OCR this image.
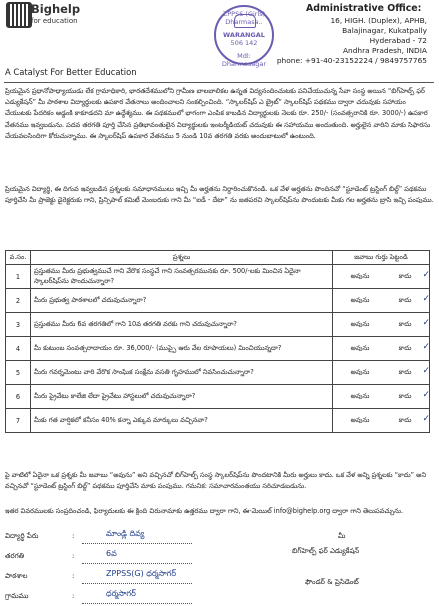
Bighelp
for education
A Catalyst For Better Education
ZPPSS (Girls) Dharmasa..
WARANGAL
506 142
Mdl: Dharmasagar
Administrative Office:
16, HIGH. (Duplex), APHB,
Balajinagar, Kukatpally
Hyderabad - 72
Andhra Pradesh, INDIA
phone: +91-40-23152224 / 9849757765
ప్రియమైన ప్రధానోపాధ్యాయుడు లేక గ్రామాధికారి, భారతదేశములోని గ్రామీణ బాలబాలికల ఉన్నత విద్యనందించుటకు పనిచేయుచున్న సేవా సంస్థ అయిన “బిగ్‌హెల్ప్ ఫర్ ఎడ్యుకేషన్” మీ పాఠశాల విద్యార్థులకు ఉపకార వేతనాలు అందించాలని సంకల్పించింది. “స్కాలర్‌షిప్ ఎ బ్రైట్” స్కాలర్‌షిప్ పథకము ద్వారా చదువుకు సహాయం చేయుటకు పేదరికం అడ్డంకి కాకూడదని మా ఉద్దేశ్యము. ఈ పథకములో భాగంగా ఎంపిక కాబడిన విద్యార్థులకు నెలకు రూ. 250/- (సంవత్సరానికి రూ. 3000/-) ఉపకార వేతనము ఇవ్వబడును. పదవ తరగతి పూర్తి చేసిన ప్రతిభావంతులైన విద్యార్థులకు ఇంటర్మీడియట్ చదువుకు ఈ సహాయము అందుతుంది. అర్హులైన వారిని మాకు సిఫారసు చేయవలసిందిగా కోరుచున్నాము. ఈ స్కాలర్‌షిప్ ఉపకార వేతనము 5 నుండి 10వ తరగతి వరకు అందుబాటులో ఉంటుంది.
ప్రియమైన విద్యార్థి, ఈ దిగువ ఇవ్వబడిన ప్రశ్నలకు సమాధానములు ఇచ్చి మీ అర్హతను నిర్ధారించుకొనండి. ఒక వేళ అర్హతను పొందినచో “స్టూడెంట్ ట్రస్టింగ్ బిల్డ్” పథకము పూర్తిచేసి మీ ప్రాజెక్టు డైరెక్టరుకు గాని, ప్రిన్సిపాల్ కమిటీ మెంబరుకు గాని మీ “ఐడీ - దేటా” ను జతపరచి స్కాలర్‌షిప్‌ను పొందుటకు మీకు గల అర్హతను బ్రాసి ఇచ్చి పంపుము.
వ.సం.	ప్రశ్నలు	జవాబు గుర్తు పెట్టండి
1	ప్రస్తుతము మీరు ప్రభుత్వముచే గాని వేరొక సంస్థచే గాని సంవత్సరమునకు రూ. 500/-లకు మించిన ఏదైనా స్కాలర్‌షిప్‌ను పొందుచున్నారా?	అవును కాదు ✓

2	మీరు ప్రభుత్వ పాఠశాలలో చదువుచున్నారా?	అవును కాదు ✓

3	ప్రస్తుతము మీరు 6వ తరగతిలో గాని 10వ తరగతి వరకు గాని చదువుచున్నారా?	అవును కాదు ✓

4	మీ కుటుంబ సంవత్సరాదాయం రూ. 36,000/- (ముప్పై ఆరు వేల రూపాయలు) మించియున్నదా?	అవును కాదు ✓

5	మీరు గవర్నమెంటు వారి వేరొక సాంఘిక సంక్షేమ వసతి గృహములో నివసించుచున్నారా?	అవును కాదు ✓

6	మీరు ప్రైవేటు కాలేజి లేదా ప్రైవేటు హాస్టలులో చదువుచున్నారా?	అవును కాదు ✓

7	మీకు గత వార్షికలో కనీసం 40% కన్నా ఎక్కువ మార్కులు వచ్చినవా?	అవును కాదు ✓
పై వాటిలో ఏదైనా ఒక ప్రశ్నకు మీ జవాబు “అవును” అని వచ్చినచో బిగ్‌హెల్ప్ సంస్థ స్కాలర్‌షిప్‌ను పొందటానికి మీరు అర్హులు కాదు. ఒక వేళ అన్ని ప్రశ్నలకు “కాదు” అని వచ్చినచో “స్టూడెంట్ ట్రస్టింగ్ బిల్డ్” పథకము పూర్తిచేసి మాకు పంపుము. గమనిక: సమాచారమంతయు సరిచూడబడును.
ఇతర వివరములకు సంప్రదించండి, ఫిర్యాదులకు ఈ క్రింది చిరునామాకు ఉత్తరము ద్వారా గాని, ఈ-మెయిల్ info@bighelp.org ద్వారా గాని తెలుపవచ్చును.
విద్యార్థి పేరు	:	మాండ్లి దివ్య
తరగతి	:	6వ
పాఠశాల	:	ZPPSS(G) ధర్మసాగర్
గ్రామము	:	ధర్మసాగర్
మీ
బిగ్‌హెల్ప్ ఫర్ ఎడ్యుకేషన్
ఫౌండర్ & ప్రెసిడెంట్
